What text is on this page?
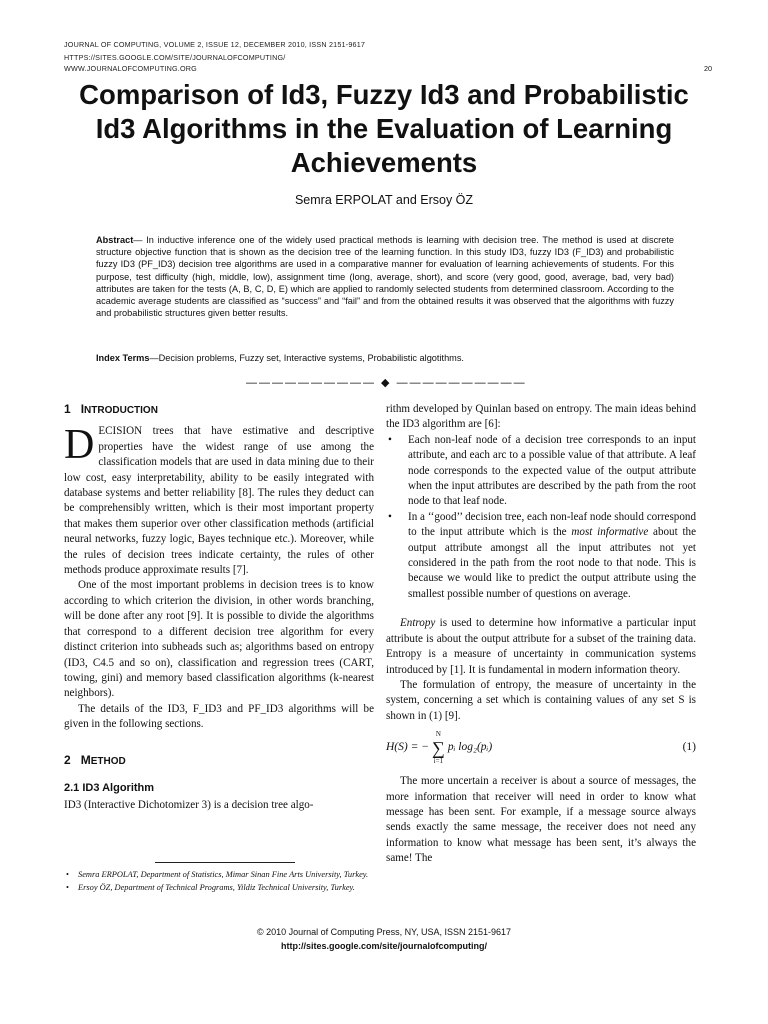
JOURNAL OF COMPUTING, VOLUME 2, ISSUE 12, DECEMBER 2010, ISSN 2151-9617
HTTPS://SITES.GOOGLE.COM/SITE/JOURNALOFCOMPUTING/
WWW.JOURNALOFCOMPUTING.ORG	20
Comparison of Id3, Fuzzy Id3 and Probabilistic Id3 Algorithms in the Evaluation of Learning Achievements
Semra ERPOLAT and Ersoy ÖZ

Abstract— In inductive inference one of the widely used practical methods is learning with decision tree. The method is used at discrete structure objective function that is shown as the decision tree of the learning function. In this study ID3, fuzzy ID3 (F_ID3) and probabilistic fuzzy ID3 (PF_ID3) decision tree algorithms are used in a comparative manner for evaluation of learning achievements of students. For this purpose, test difficulty (high, middle, low), assignment time (long, average, short), and score (very good, good, average, bad, very bad) attributes are taken for the tests (A, B, C, D, E) which are applied to randomly selected students from determined classroom. According to the academic average students are classified as “success” and “fail” and from the obtained results it was observed that the algorithms with fuzzy and probabilistic structures given better results.

Index Terms—Decision problems, Fuzzy set, Interactive systems, Probabilistic algotithms.

—————————— ◆ ——————————
1 INTRODUCTION

DECISION trees that have estimative and descriptive properties have the widest range of use among the classification models that are used in data mining due to their low cost, easy interpretability, ability to be easily integrated with database systems and better reliability [8]. The rules they deduct can be comprehensibly written, which is their most important property that makes them superior over other classification methods (artificial neural networks, fuzzy logic, Bayes technique etc.). Moreover, while the rules of decision trees indicate certainty, the rules of other methods produce approximate results [7].

One of the most important problems in decision trees is to know according to which criterion the division, in other words branching, will be done after any root [9]. It is possible to divide the algorithms that correspond to a different decision tree algorithm for every distinct criterion into subheads such as; algorithms based on entropy (ID3, C4.5 and so on), classification and regression trees (CART, towing, gini) and memory based classification algorithms (k-nearest neighbors).

The details of the ID3, F_ID3 and PF_ID3 algorithms will be given in the following sections.

2 METHOD
2.1 ID3 Algorithm

ID3 (Interactive Dichotomizer 3) is a decision tree algo-

• Semra ERPOLAT, Department of Statistics, Mimar Sinan Fine Arts University, Turkey.
• Ersoy ÖZ, Department of Technical Programs, Yildiz Technical University, Turkey.

rithm developed by Quinlan based on entropy. The main ideas behind the ID3 algorithm are [6]:

• Each non-leaf node of a decision tree corresponds to an input attribute, and each arc to a possible value of that attribute. A leaf node corresponds to the expected value of the output attribute when the input attributes are described by the path from the root node to that leaf node.
• In a ‘‘good’’ decision tree, each non-leaf node should correspond to the input attribute which is the most informative about the output attribute amongst all the input attributes not yet considered in the path from the root node to that node. This is because we would like to predict the output attribute using the smallest possible number of questions on average.

Entropy is used to determine how informative a particular input attribute is about the output attribute for a subset of the training data. Entropy is a measure of uncertainty in communication systems introduced by [1]. It is fundamental in modern information theory.

The formulation of entropy, the measure of uncertainty in the system, concerning a set which is containing values of any set S is shown in (1) [9].

H(S) = −
N
∑
i=1
pᵢ log₂(pᵢ)	(1)

The more uncertain a receiver is about a source of messages, the more information that receiver will need in order to know what message has been sent. For example, if a message source always sends exactly the same message, the receiver does not need any information to know what message has been sent, it’s always the same! The

© 2010 Journal of Computing Press, NY, USA, ISSN 2151-9617
http://sites.google.com/site/journalofcomputing/
